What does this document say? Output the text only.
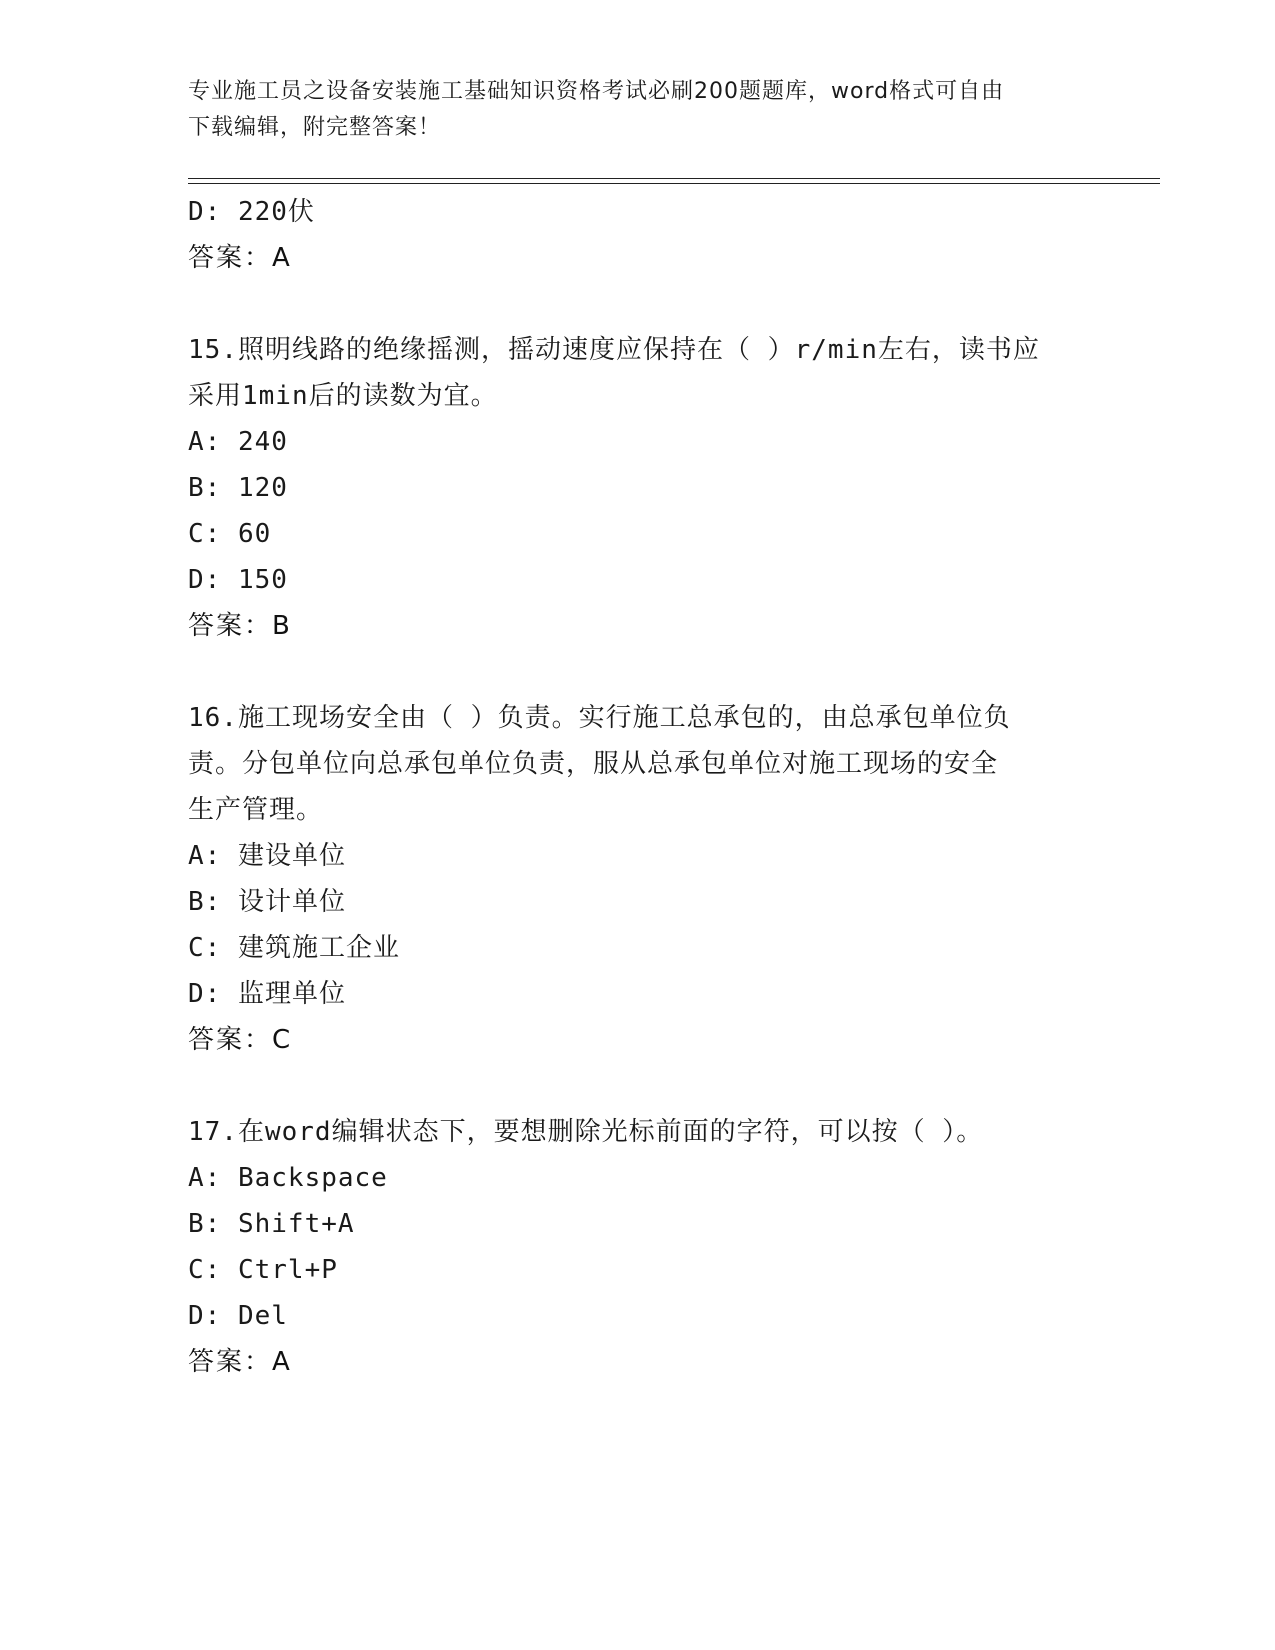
专业施工员之设备安装施工基础知识资格考试必刷200题题库，word格式可自由
下载编辑，附完整答案！
D: 220伏
答案：A
15.照明线路的绝缘摇测，摇动速度应保持在（ ）r/min左右，读书应
采用1min后的读数为宜。
A: 240
B: 120
C: 60
D: 150
答案：B
16.施工现场安全由（ ）负责。实行施工总承包的，由总承包单位负
责。分包单位向总承包单位负责，服从总承包单位对施工现场的安全
生产管理。
A: 建设单位
B: 设计单位
C: 建筑施工企业
D: 监理单位
答案：C
17.在word编辑状态下，要想删除光标前面的字符，可以按（ ）。
A: Backspace
B: Shift+A
C: Ctrl+P
D: Del
答案：A
